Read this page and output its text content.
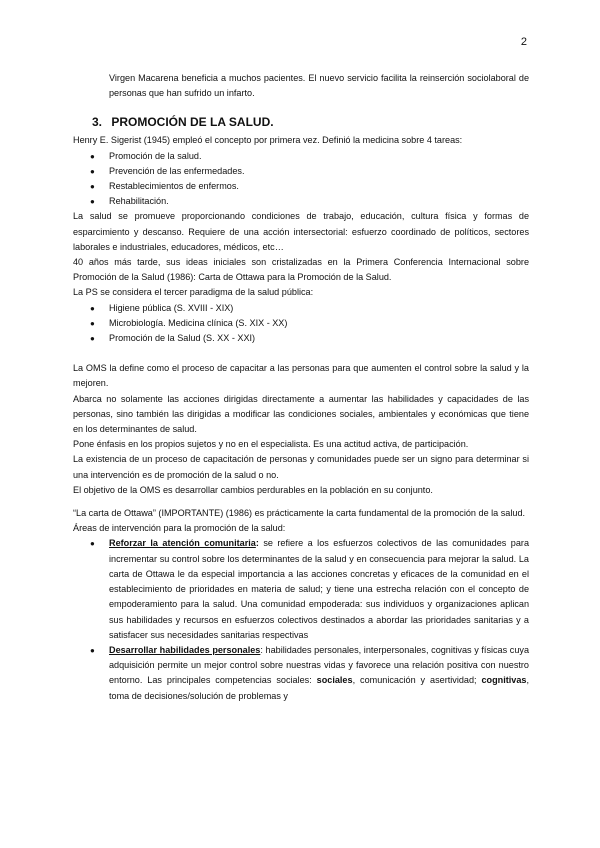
2

Virgen Macarena beneficia a muchos pacientes. El nuevo servicio facilita la reinserción sociolaboral de personas que han sufrido un infarto.

3. PROMOCIÓN DE LA SALUD.

Henry E. Sigerist (1945) empleó el concepto por primera vez. Definió la medicina sobre 4 tareas:

● Promoción de la salud.
● Prevención de las enfermedades.
● Restablecimientos de enfermos.
● Rehabilitación.

La salud se promueve proporcionando condiciones de trabajo, educación, cultura física y formas de esparcimiento y descanso. Requiere de una acción intersectorial: esfuerzo coordinado de políticos, sectores laborales e industriales, educadores, médicos, etc…

40 años más tarde, sus ideas iniciales son cristalizadas en la Primera Conferencia Internacional sobre Promoción de la Salud (1986): Carta de Ottawa para la Promoción de la Salud.

La PS se considera el tercer paradigma de la salud pública:

● Higiene pública (S. XVIII - XIX)
● Microbiología. Medicina clínica (S. XIX - XX)
● Promoción de la Salud (S. XX - XXI)

La OMS la define como el proceso de capacitar a las personas para que aumenten el control sobre la salud y la mejoren.

Abarca no solamente las acciones dirigidas directamente a aumentar las habilidades y capacidades de las personas, sino también las dirigidas a modificar las condiciones sociales, ambientales y económicas que tiene en los determinantes de salud.

Pone énfasis en los propios sujetos y no en el especialista. Es una actitud activa, de participación.

La existencia de un proceso de capacitación de personas y comunidades puede ser un signo para determinar si una intervención es de promoción de la salud o no.

El objetivo de la OMS es desarrollar cambios perdurables en la población en su conjunto.

“La carta de Ottawa” (IMPORTANTE) (1986) es prácticamente la carta fundamental de la promoción de la salud.

Áreas de intervención para la promoción de la salud:

● Reforzar la atención comunitaria: se refiere a los esfuerzos colectivos de las comunidades para incrementar su control sobre los determinantes de la salud y en consecuencia para mejorar la salud. La carta de Ottawa le da especial importancia a las acciones concretas y eficaces de la comunidad en el establecimiento de prioridades en materia de salud; y tiene una estrecha relación con el concepto de empoderamiento para la salud. Una comunidad empoderada: sus individuos y organizaciones aplican sus habilidades y recursos en esfuerzos colectivos destinados a abordar las prioridades sanitarias y a satisfacer sus necesidades sanitarias respectivas
● Desarrollar habilidades personales: habilidades personales, interpersonales, cognitivas y físicas cuya adquisición permite un mejor control sobre nuestras vidas y favorece una relación positiva con nuestro entorno. Las principales competencias sociales: sociales, comunicación y asertividad; cognitivas, toma de decisiones/solución de problemas y
